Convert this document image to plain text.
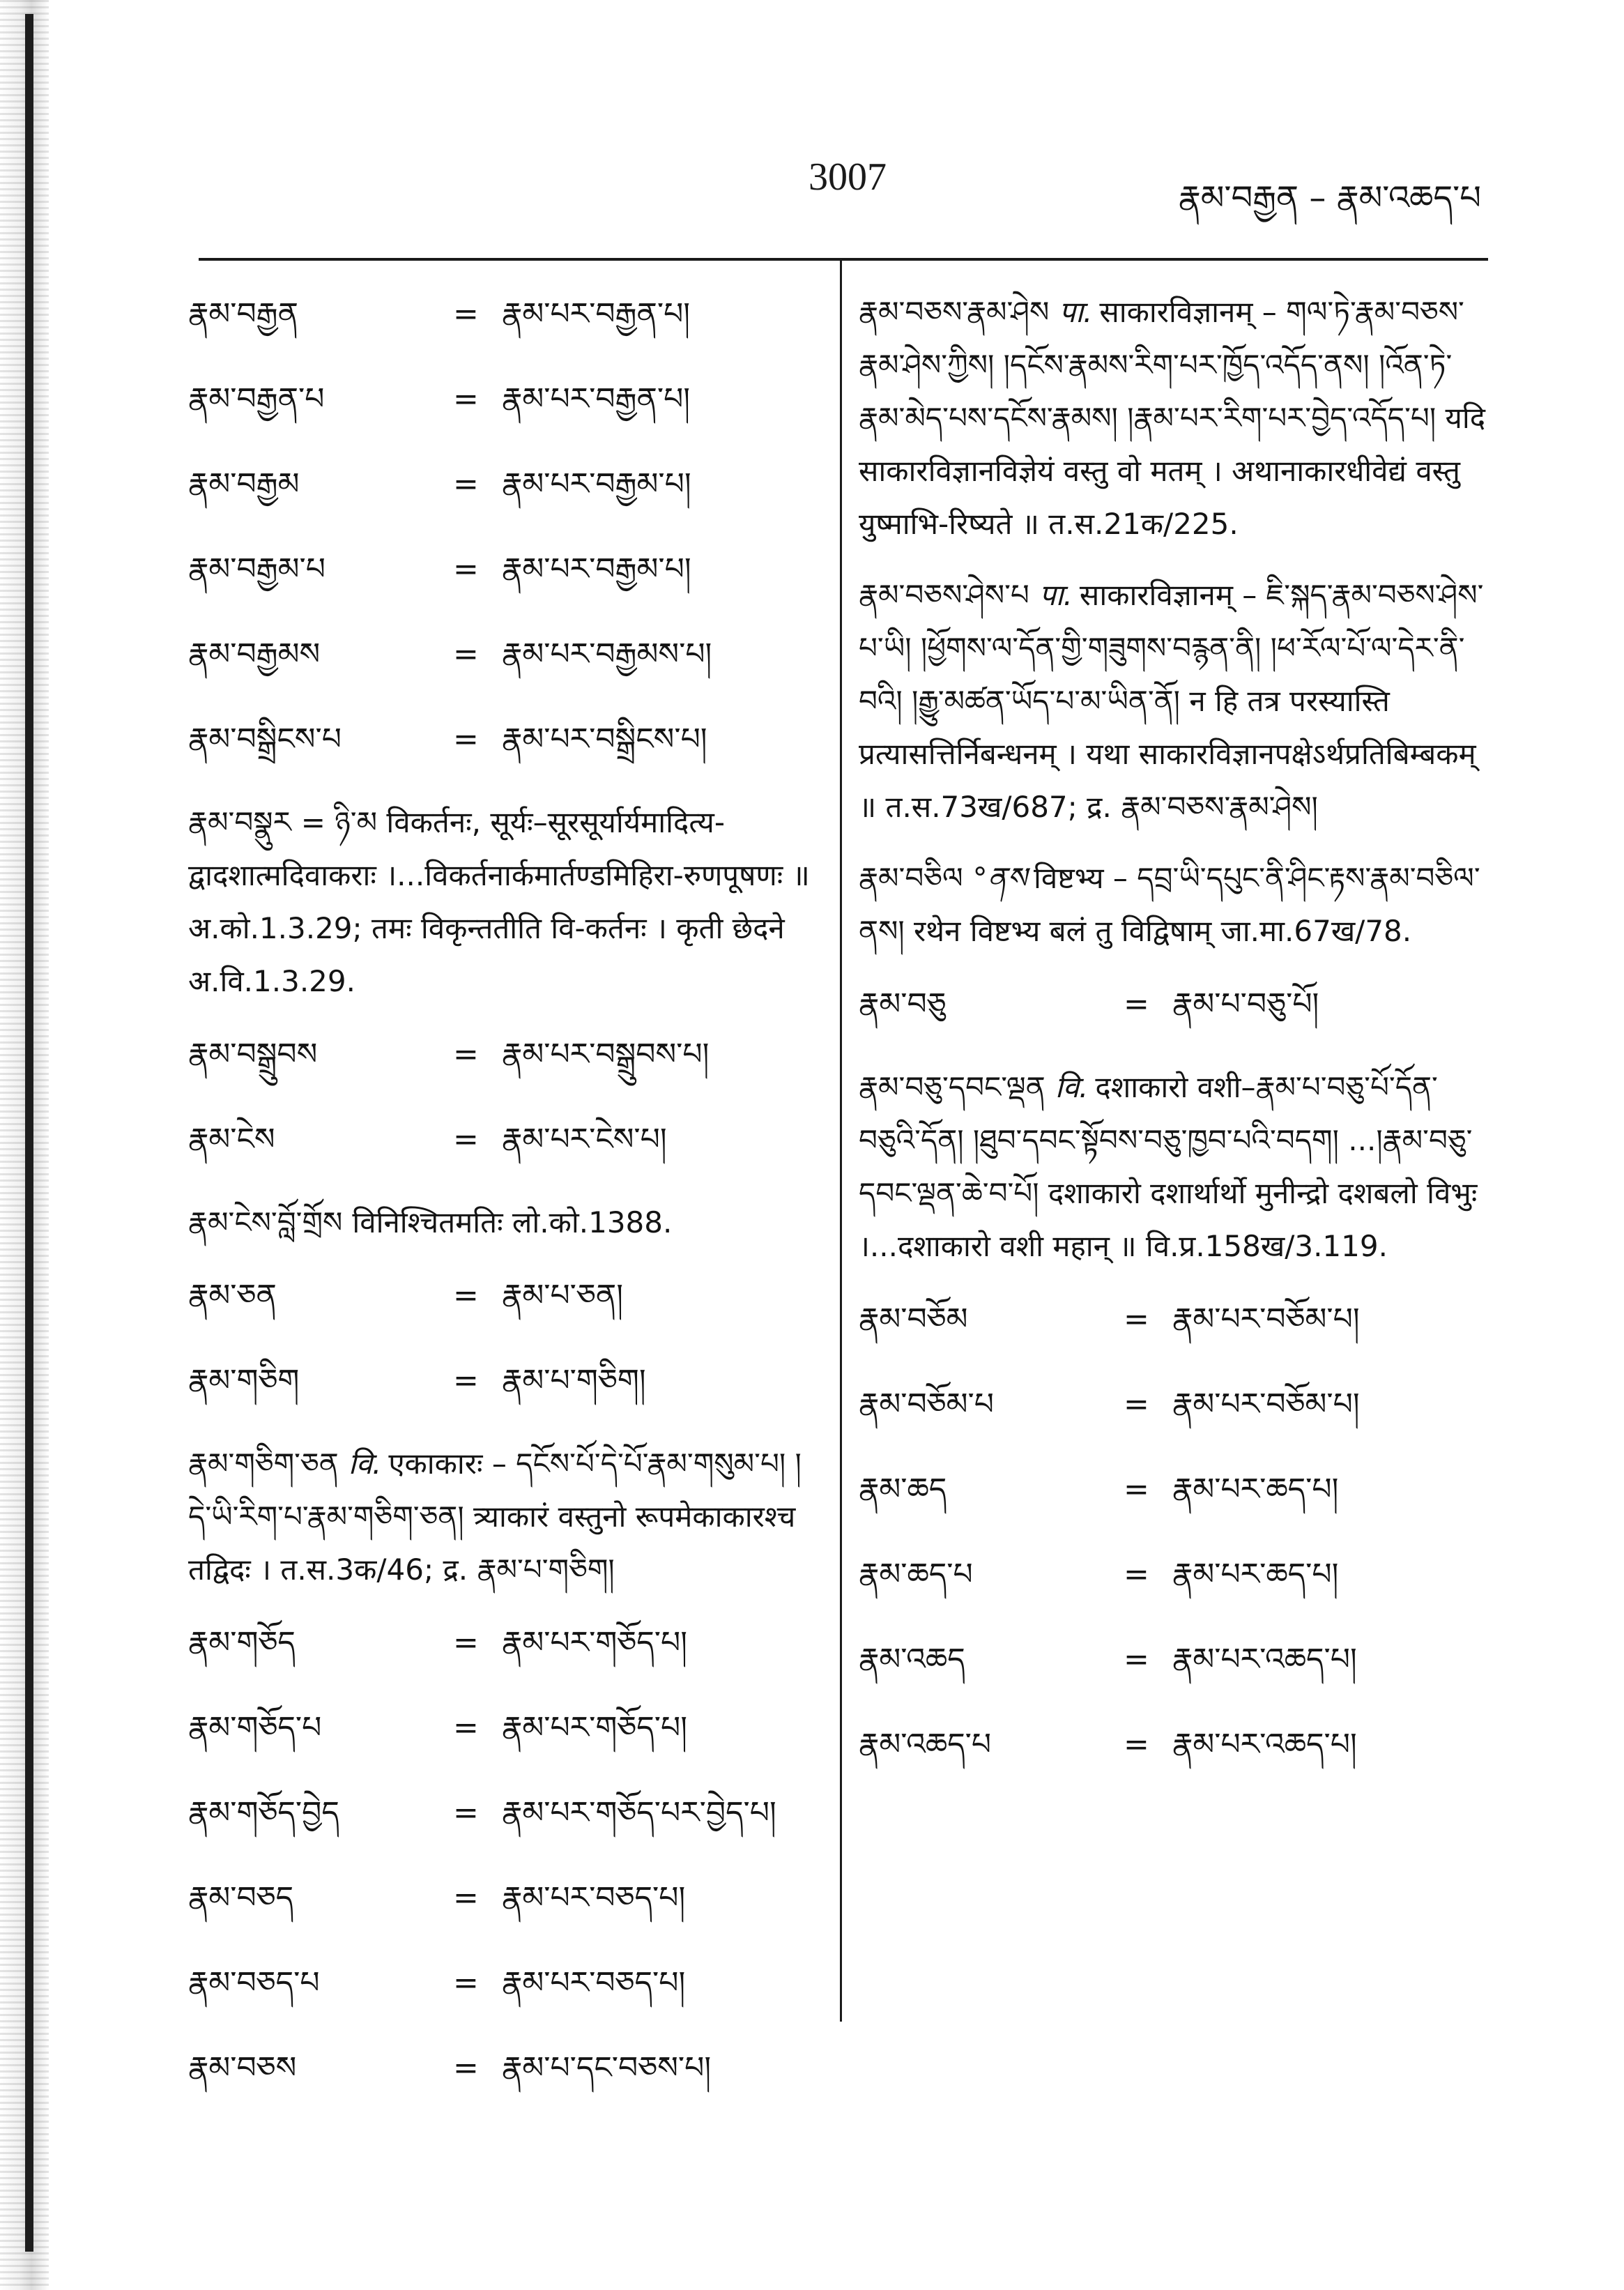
3007	རྣམ་བརྒྱན – རྣམ་འཆད་པ
རྣམ་བརྒྱན	= རྣམ་པར་བརྒྱན་པ།
རྣམ་བརྒྱན་པ	= རྣམ་པར་བརྒྱན་པ།
རྣམ་བརྒྱམ	= རྣམ་པར་བརྒྱམ་པ།
རྣམ་བརྒྱམ་པ	= རྣམ་པར་བརྒྱམ་པ།
རྣམ་བརྒྱམས	= རྣམ་པར་བརྒྱམས་པ།
རྣམ་བསྒྲིངས་པ	= རྣམ་པར་བསྒྲིངས་པ།
རྣམ་བསྣུར = ཉི་མ विकर्तनः, सूर्यः–सूरसूर्यार्यमादित्य-द्वादशात्मदिवाकराः ।...विकर्तनार्कमार्तण्डमिहिरा-रुणपूषणः ॥ अ.को.1.3.29; तमः विकृन्ततीति वि-कर्तनः । कृती छेदने अ.वि.1.3.29.
རྣམ་བསྒྲུབས	= རྣམ་པར་བསྒྲུབས་པ།
རྣམ་ངེས	= རྣམ་པར་ངེས་པ།
རྣམ་ངེས་བློ་གྲོས विनिश्चितमतिः लो.को.1388.
རྣམ་ཅན	= རྣམ་པ་ཅན།
རྣམ་གཅིག	= རྣམ་པ་གཅིག།
རྣམ་གཅིག་ཅན वि. एकाकारः – དངོས་པོ་དེ་པོ་རྣམ་གསུམ་པ། །དེ་ཡི་རིག་པ་རྣམ་གཅིག་ཅན། त्र्याकारं वस्तुनो रूपमेकाकारश्च तद्विदः । त.स.3क/46; द्र. རྣམ་པ་གཅིག།
རྣམ་གཅོད	= རྣམ་པར་གཅོད་པ།
རྣམ་གཅོད་པ	= རྣམ་པར་གཅོད་པ།
རྣམ་གཅོད་བྱེད	= རྣམ་པར་གཅོད་པར་བྱེད་པ།
རྣམ་བཅད	= རྣམ་པར་བཅད་པ།
རྣམ་བཅད་པ	= རྣམ་པར་བཅད་པ།
རྣམ་བཅས	= རྣམ་པ་དང་བཅས་པ།
རྣམ་བཅས་རྣམ་ཤེས पा. साकारविज्ञानम् – གལ་ཏེ་རྣམ་བཅས་རྣམ་ཤེས་ཀྱིས། །དངོས་རྣམས་རིག་པར་ཁྱོད་འདོད་ནས། །འོན་ཏེ་རྣམ་མེད་པས་དངོས་རྣམས། །རྣམ་པར་རིག་པར་བྱེད་འདོད་པ། यदि साकारविज्ञानविज्ञेयं वस्तु वो मतम् । अथानाकारधीवेद्यं वस्तु युष्माभि-रिष्यते ॥ त.स.21क/225.
རྣམ་བཅས་ཤེས་པ पा. साकारविज्ञानम् – ཇི་སྐད་རྣམ་བཅས་ཤེས་པ་ཡི། །ཕྱོགས་ལ་དོན་གྱི་གཟུགས་བརྙན་ནི། །ཕ་རོལ་པོ་ལ་དེར་ནི་བའི། །རྒྱུ་མཚན་ཡོད་པ་མ་ཡིན་ནོ། न हि तत्र परस्यास्ति प्रत्यासत्तिर्निबन्धनम् । यथा साकारविज्ञानपक्षेऽर्थप्रतिबिम्बकम् ॥ त.स.73ख/687; द्र. རྣམ་བཅས་རྣམ་ཤེས།
རྣམ་བཅིལ °ནས विष्टभ्य – དབྲ་ཡི་དཔུང་ནི་ཤིང་རྟས་རྣམ་བཅིལ་ནས། रथेन विष्टभ्य बलं तु विद्विषाम् जा.मा.67ख/78.
རྣམ་བཅུ	= རྣམ་པ་བཅུ་པོ།
རྣམ་བཅུ་དབང་ལྡན वि. दशाकारो वशी–རྣམ་པ་བཅུ་པོ་དོན་བཅུའི་དོན། །ཐུབ་དབང་སྟོབས་བཅུ་ཁྱབ་པའི་བདག། ...།རྣམ་བཅུ་དབང་ལྡན་ཆེ་བ་པོ། दशाकारो दशार्थार्थो मुनीन्द्रो दशबलो विभुः ।...दशाकारो वशी महान् ॥ वि.प्र.158ख/3.119.
རྣམ་བཅོམ	= རྣམ་པར་བཅོམ་པ།
རྣམ་བཅོམ་པ	= རྣམ་པར་བཅོམ་པ།
རྣམ་ཆད	= རྣམ་པར་ཆད་པ།
རྣམ་ཆད་པ	= རྣམ་པར་ཆད་པ།
རྣམ་འཆད	= རྣམ་པར་འཆད་པ།
རྣམ་འཆད་པ	= རྣམ་པར་འཆད་པ།
